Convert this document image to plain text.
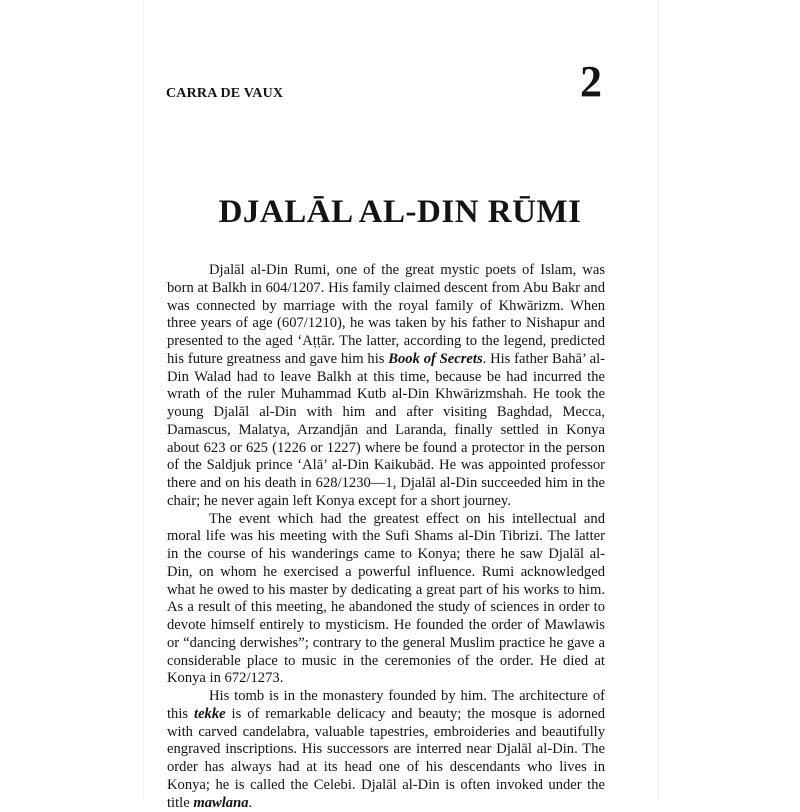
CARRA DE VAUX	2
DJALĀL AL-DIN RŪMI

Djalāl al-Din Rumi, one of the great mystic poets of Islam, was born at Balkh in 604/1207. His family claimed descent from Abu Bakr and was connected by marriage with the royal family of Khwārizm. When three years of age (607/1210), he was taken by his father to Nishapur and presented to the aged ‘Aṭṭār. The latter, according to the legend, predicted his future greatness and gave him his Book of Secrets. His father Bahā’ al-Din Walad had to leave Balkh at this time, because be had incurred the wrath of the ruler Muhammad Kutb al-Din Khwārizmshah. He took the young Djalāl al-Din with him and after visiting Baghdad, Mecca, Damascus, Malatya, Arzandjān and Laranda, finally settled in Konya about 623 or 625 (1226 or 1227) where be found a protector in the person of the Saldjuk prince ‘Alā’ al-Din Kaikubād. He was appointed professor there and on his death in 628/1230—1, Djalāl al-Din succeeded him in the chair; he never again left Konya except for a short journey.

The event which had the greatest effect on his intellectual and moral life was his meeting with the Sufi Shams al-Din Tibrizi. The latter in the course of his wanderings came to Konya; there he saw Djalāl al-Din, on whom he exercised a powerful influence. Rumi acknowledged what he owed to his master by dedicating a great part of his works to him. As a result of this meeting, he abandoned the study of sciences in order to devote himself entirely to mysticism. He founded the order of Mawlawis or “dancing derwishes”; contrary to the general Muslim practice he gave a considerable place to music in the ceremonies of the order. He died at Konya in 672/1273.

His tomb is in the monastery founded by him. The architecture of this tekke is of remarkable delicacy and beauty; the mosque is adorned with carved candelabra, valuable tapestries, embroideries and beautifully engraved inscriptions. His successors are interred near Djalāl al-Din. The order has always had at its head one of his descendants who lives in Konya; he is called the Celebi. Djalāl al-Din is often invoked under the title mawlana.
